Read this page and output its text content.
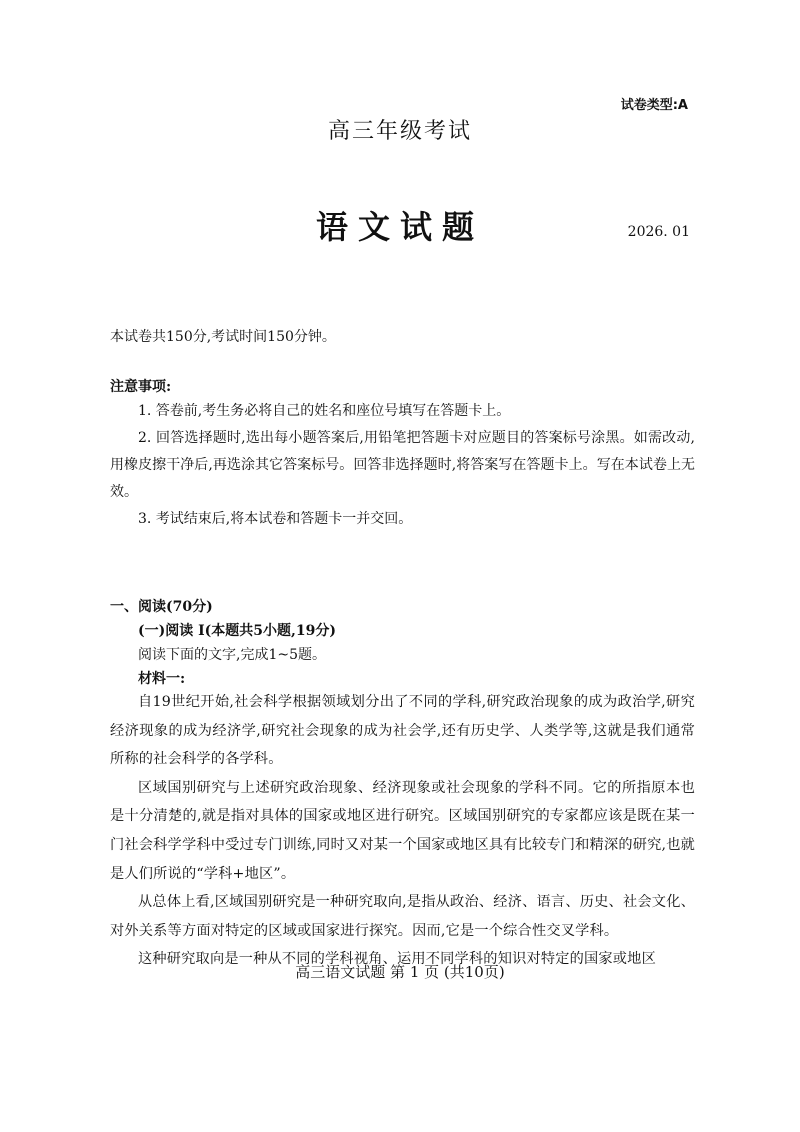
试卷类型:A
高三年级考试
语文试题	2026. 01
本试卷共150分,考试时间150分钟。
注意事项:

1. 答卷前,考生务必将自己的姓名和座位号填写在答题卡上。

2. 回答选择题时,选出每小题答案后,用铅笔把答题卡对应题目的答案标号涂黑。如需改动,用橡皮擦干净后,再选涂其它答案标号。回答非选择题时,将答案写在答题卡上。写在本试卷上无效。

3. 考试结束后,将本试卷和答题卡一并交回。

一、阅读(70分)
(一)阅读 I(本题共5小题,19分)
阅读下面的文字,完成1~5题。
材料一:

自19世纪开始,社会科学根据领域划分出了不同的学科,研究政治现象的成为政治学,研究经济现象的成为经济学,研究社会现象的成为社会学,还有历史学、人类学等,这就是我们通常所称的社会科学的各学科。

区域国别研究与上述研究政治现象、经济现象或社会现象的学科不同。它的所指原本也是十分清楚的,就是指对具体的国家或地区进行研究。区域国别研究的专家都应该是既在某一门社会科学学科中受过专门训练,同时又对某一个国家或地区具有比较专门和精深的研究,也就是人们所说的“学科+地区”。

从总体上看,区域国别研究是一种研究取向,是指从政治、经济、语言、历史、社会文化、对外关系等方面对特定的区域或国家进行探究。因而,它是一个综合性交叉学科。

这种研究取向是一种从不同的学科视角、运用不同学科的知识对特定的国家或地区

高三语文试题 第 1 页 (共10页)
